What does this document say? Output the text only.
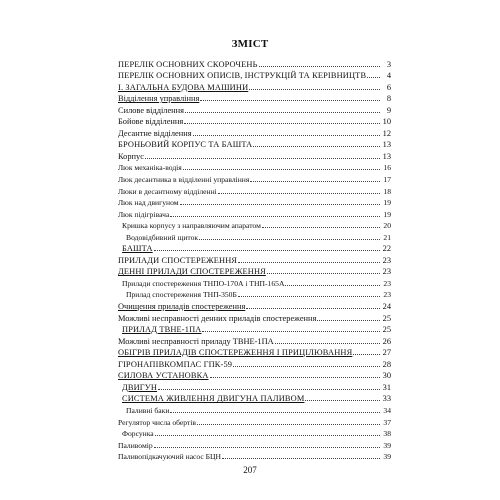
ЗМІСТ
ПЕРЕЛІК ОСНОВНИХ СКОРОЧЕНЬ	3
ПЕРЕЛІК ОСНОВНИХ ОПИСІВ, ІНСТРУКЦІЙ ТА КЕРІВНИЦТВ	4
І. ЗАГАЛЬНА БУДОВА МАШИНИ	6
Відділення управління	8
Силове відділення	9
Бойове відділення	10
Десантне відділення	12
БРОНЬОВИЙ КОРПУС ТА БАШТА	13
Корпус	13
Люк механіка-водія	16
Люк десантника в відділенні управління	17
Люки в десантному відділенні	18
Люк над двигуном	19
Люк підігрівача	19
Кришка корпусу з направляючим апаратом	20
Водовідбивний щиток	21
БАШТА	22
ПРИЛАДИ СПОСТЕРЕЖЕННЯ	23
ДЕННІ ПРИЛАДИ СПОСТЕРЕЖЕННЯ	23
Прилади спостереження ТНПО-170А і ТНП-165А	23
Прилад спостереження ТНП-350Б	23
Очищення приладів спостереження	24
Можливі несправності денних приладів спостереження	25
ПРИЛАД ТВНЕ-1ПА	25
Можливі несправності приладу ТВНЕ-1ПА	26
ОБІГРІВ ПРИЛАДІВ СПОСТЕРЕЖЕННЯ І ПРИЦІЛЮВАННЯ	27
ГІРОНАПІВКОМПАС ГПК-59	28
СИЛОВА УСТАНОВКА	30
ДВИГУН	31
СИСТЕМА ЖИВЛЕННЯ ДВИГУНА ПАЛИВОМ	33
Паливні баки	34
Регулятор числа обертів	37
Форсунка	38
Паливомір	39
Паливопідкачуючий насос БЦН	39
207
